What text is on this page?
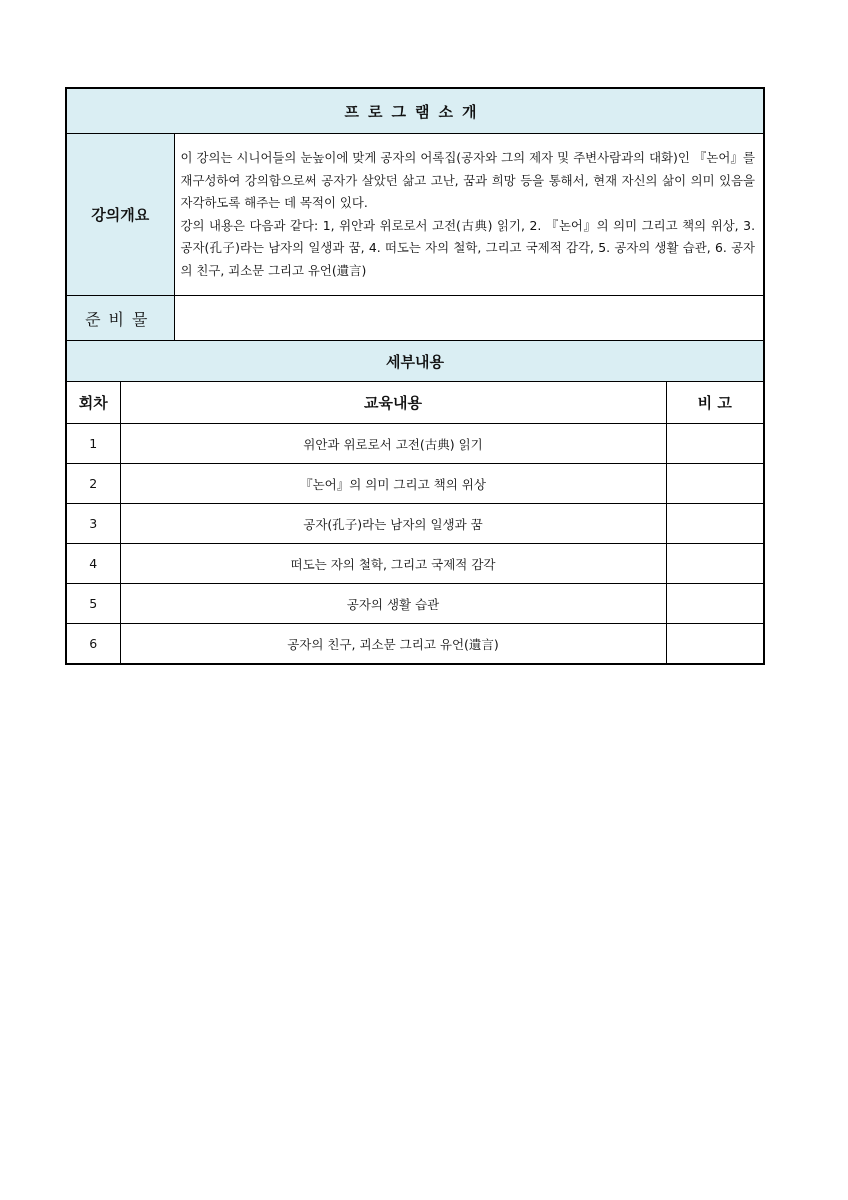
프로그램소개			
강의개요		이 강의는 시니어들의 눈높이에 맞게 공자의 어록집(공자와 그의 제자 및 주변사람과의 대화)인 『논어』를 재구성하여 강의함으로써 공자가 살았던 삶고 고난, 꿈과 희망 등을 통해서, 현재 자신의 삶이 의미 있음을 자각하도록 해주는 데 목적이 있다.

강의 내용은 다음과 같다: 1, 위안과 위로로서 고전(古典) 읽기, 2. 『논어』의 의미 그리고 책의 위상, 3. 공자(孔子)라는 남자의 일생과 꿈, 4. 떠도는 자의 철학, 그리고 국제적 감각, 5. 공자의 생활 습관, 6. 공자의 친구, 괴소문 그리고 유언(遺言)	

준비물			
세부내용			
회차	교육내용		비 고
1	위안과 위로로서 고전(古典) 읽기		
2	『논어』의 의미 그리고 책의 위상		
3	공자(孔子)라는 남자의 일생과 꿈		
4	떠도는 자의 철학, 그리고 국제적 감각		
5	공자의 생활 습관		
6	공자의 친구, 괴소문 그리고 유언(遺言)		
